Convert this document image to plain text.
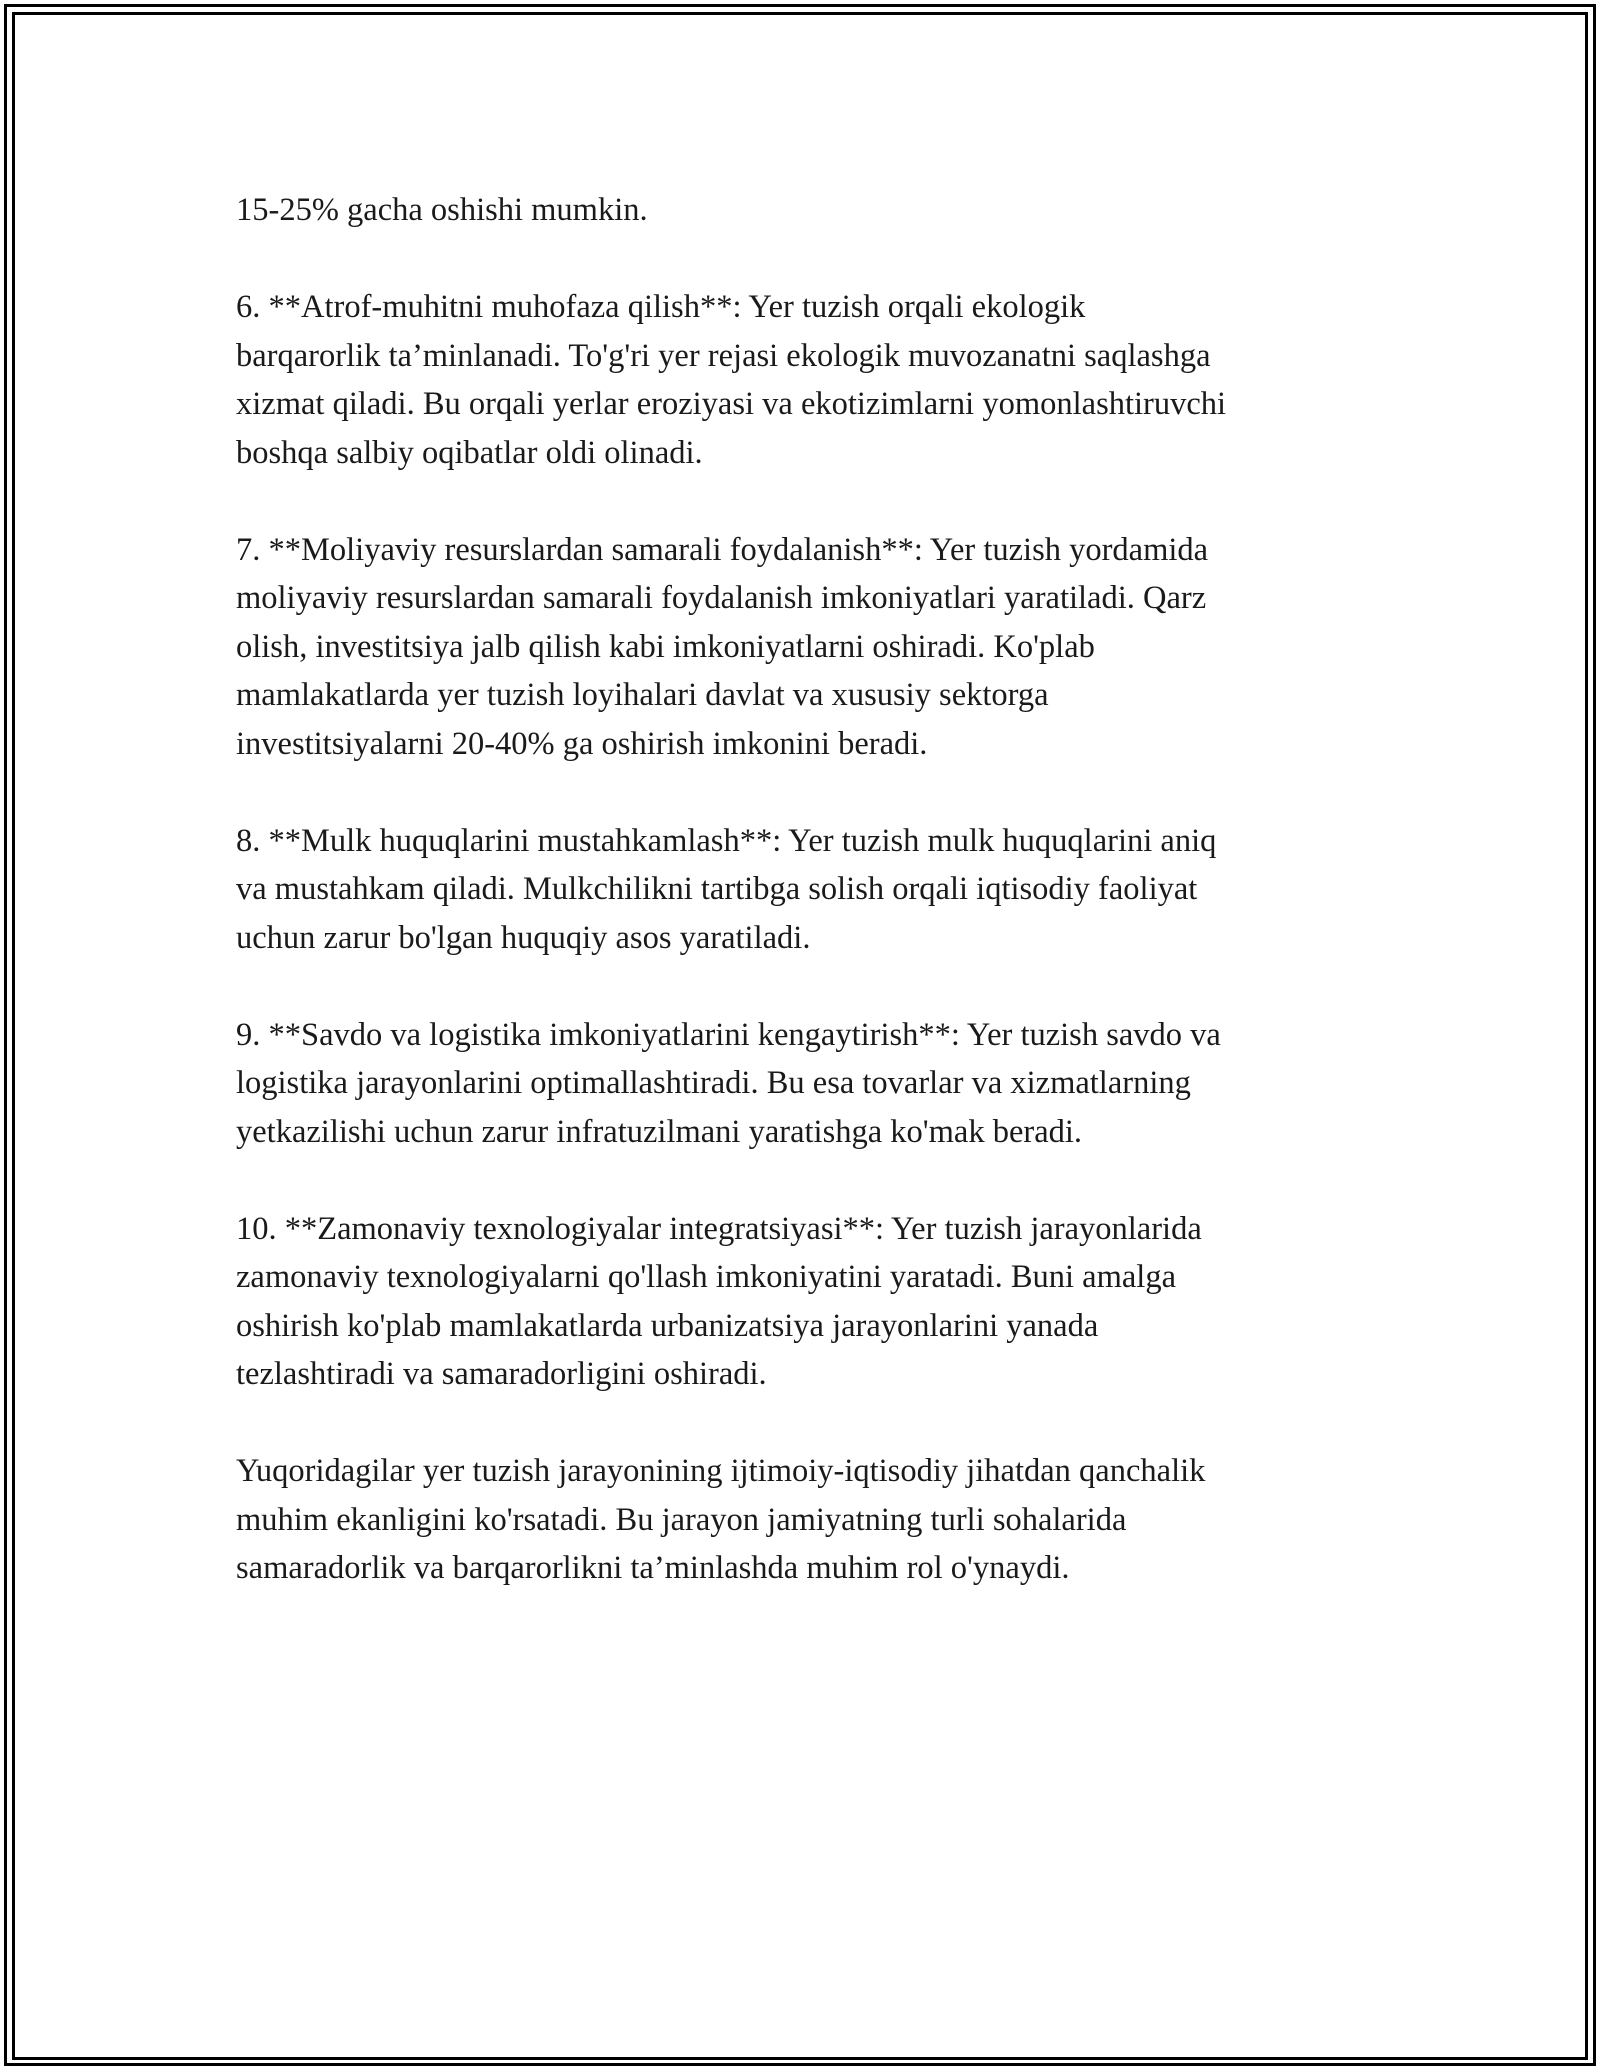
15-25% gacha oshishi mumkin.

6. **Atrof-muhitni muhofaza qilish**: Yer tuzish orqali ekologik
barqarorlik ta’minlanadi. To'g'ri yer rejasi ekologik muvozanatni saqlashga
xizmat qiladi. Bu orqali yerlar eroziyasi va ekotizimlarni yomonlashtiruvchi
boshqa salbiy oqibatlar oldi olinadi.

7. **Moliyaviy resurslardan samarali foydalanish**: Yer tuzish yordamida
moliyaviy resurslardan samarali foydalanish imkoniyatlari yaratiladi. Qarz
olish, investitsiya jalb qilish kabi imkoniyatlarni oshiradi. Ko'plab
mamlakatlarda yer tuzish loyihalari davlat va xususiy sektorga
investitsiyalarni 20-40% ga oshirish imkonini beradi.

8. **Mulk huquqlarini mustahkamlash**: Yer tuzish mulk huquqlarini aniq
va mustahkam qiladi. Mulkchilikni tartibga solish orqali iqtisodiy faoliyat
uchun zarur bo'lgan huquqiy asos yaratiladi.

9. **Savdo va logistika imkoniyatlarini kengaytirish**: Yer tuzish savdo va
logistika jarayonlarini optimallashtiradi. Bu esa tovarlar va xizmatlarning
yetkazilishi uchun zarur infratuzilmani yaratishga ko'mak beradi.

10. **Zamonaviy texnologiyalar integratsiyasi**: Yer tuzish jarayonlarida
zamonaviy texnologiyalarni qo'llash imkoniyatini yaratadi. Buni amalga
oshirish ko'plab mamlakatlarda urbanizatsiya jarayonlarini yanada
tezlashtiradi va samaradorligini oshiradi.

Yuqoridagilar yer tuzish jarayonining ijtimoiy-iqtisodiy jihatdan qanchalik
muhim ekanligini ko'rsatadi. Bu jarayon jamiyatning turli sohalarida
samaradorlik va barqarorlikni ta’minlashda muhim rol o'ynaydi.
